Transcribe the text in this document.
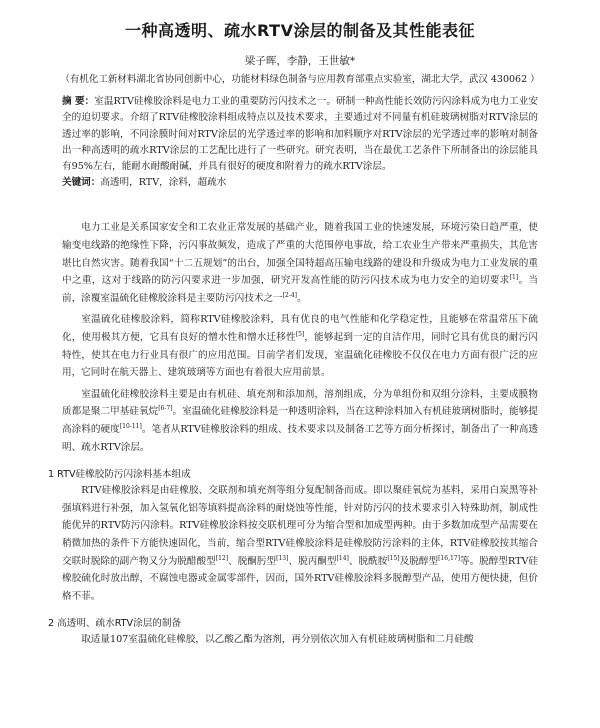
一种高透明、疏水RTV涂层的制备及其性能表征

梁子晖，李静，王世敏*

（有机化工新材料湖北省协同创新中心，功能材料绿色制备与应用教育部重点实验室，湖北大学，武汉 430062 ）

摘 要：室温RTV硅橡胶涂料是电力工业的重要防污闪技术之一。研制一种高性能长效防污闪涂料成为电力工业安全的迫切要求。介绍了RTV硅橡胶涂料组成特点以及技术要求，主要通过对不同量有机硅玻璃树脂对RTV涂层的透过率的影响，不同涂膜时间对RTV涂层的光学透过率的影响和加料顺序对RTV涂层的光学透过率的影响对制备出一种高透明的疏水RTV涂层的工艺配比进行了一些研究。研究表明，当在最优工艺条件下所制备出的涂层能具有95%左右，能耐水耐酸耐碱，并具有很好的硬度和附着力的疏水RTV涂层。

关键词：高透明，RTV，涂料，超疏水

电力工业是关系国家安全和工农业正常发展的基础产业，随着我国工业的快速发展，环境污染日趋严重，使输变电线路的绝缘性下降，污闪事故频发，造成了严重的大范围停电事故，给工农业生产带来严重损失，其危害堪比自然灾害。随着我国“十二五规划”的出台，加强全国特超高压输电线路的建设和升级成为电力工业发展的重中之重，这对于线路的防污闪要求进一步加强，研究开发高性能的防污闪技术成为电力安全的迫切要求[1]。当前，涂覆室温硫化硅橡胶涂料是主要防污闪技术之一[2-4]。

室温硫化硅橡胶涂料，简称RTV硅橡胶涂料，具有优良的电气性能和化学稳定性，且能够在常温常压下硫化，使用极其方便，它具有良好的憎水性和憎水迁移性[5]，能够起到一定的自洁作用，同时它具有优良的耐污闪特性，使其在电力行业具有很广的应用范围。目前学者们发现，室温硫化硅橡胶不仅仅在电力方面有很广泛的应用，它同时在航天器上、建筑玻璃等方面也有着很大应用前景。

室温硫化硅橡胶涂料主要是由有机硅、填充剂和添加剂，溶剂组成，分为单组份和双组分涂料，主要成膜物质都是聚二甲基硅氧烷[6-7]。室温硫化硅橡胶涂料是一种透明涂料，当在这种涂料加入有机硅玻璃树脂时，能够提高涂料的硬度[10-11]。笔者从RTV硅橡胶涂料的组成、技术要求以及制备工艺等方面分析探讨，制备出了一种高透明、疏水RTV涂层。

1 RTV硅橡胶防污闪涂料基本组成

RTV硅橡胶涂料是由硅橡胶、交联剂和填充剂等组分复配制备而成。即以聚硅氧烷为基料，采用白炭黑等补强填料进行补强，加入氢氧化铝等填料提高涂料的耐烧蚀等性能，针对防污闪的技术要求引入特殊助剂，制成性能优异的RTV防污闪涂料。RTV硅橡胶涂料按交联机理可分为缩合型和加成型两种。由于多数加成型产品需要在稍微加热的条件下方能快速固化，当前，缩合型RTV硅橡胶涂料是硅橡胶防污涂料的主体，RTV硅橡胶按其缩合交联时脱除的副产物又分为脱醋酸型[12]、脱酮肟型[13]、脱丙酮型[14]、脱酰胺[15]及脱醇型[16,17]等。脱醇型RTV硅橡胶硫化时放出醇，不腐蚀电器或金属零部件，因而，国外RTV硅橡胶涂料多脱醇型产品，使用方便快捷，但价格不菲。

2 高透明、疏水RTV涂层的制备

取适量107室温硫化硅橡胶，以乙酸乙酯为溶剂，再分别依次加入有机硅玻璃树脂和二月硅酸
